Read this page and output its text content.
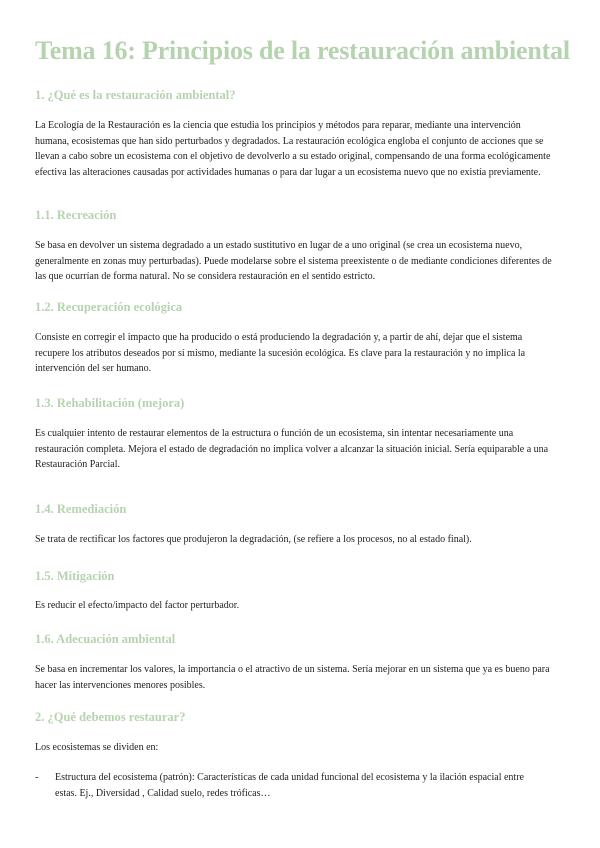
Tema 16: Principios de la restauración ambiental
1. ¿Qué es la restauración ambiental?
La Ecología de la Restauración es la ciencia que estudia los principios y métodos para reparar, mediante una intervención humana, ecosistemas que han sido perturbados y degradados. La restauración ecológica engloba el conjunto de acciones que se llevan a cabo sobre un ecosistema con el objetivo de devolverlo a su estado original, compensando de una forma ecológicamente efectiva las alteraciones causadas por actividades humanas o para dar lugar a un ecosistema nuevo que no existía previamente.
1.1. Recreación
Se basa en devolver un sistema degradado a un estado sustitutivo en lugar de a uno original (se crea un ecosistema nuevo, generalmente en zonas muy perturbadas). Puede modelarse sobre el sistema preexistente o de mediante condiciones diferentes de las que ocurrían de forma natural. No se considera restauración en el sentido estricto.
1.2. Recuperación ecológica
Consiste en corregir el impacto que ha producido o está produciendo la degradación y, a partir de ahí, dejar que el sistema recupere los atributos deseados por sí mismo, mediante la sucesión ecológica. Es clave para la restauración y no implica la intervención del ser humano.
1.3. Rehabilitación (mejora)
Es cualquier intento de restaurar elementos de la estructura o función de un ecosistema, sin intentar necesariamente una restauración completa. Mejora el estado de degradación no implica volver a alcanzar la situación inicial. Sería equiparable a una Restauración Parcial.
1.4. Remediación
Se trata de rectificar los factores que produjeron la degradación, (se refiere a los procesos, no al estado final).
1.5. Mitigación
Es reducir el efecto/impacto del factor perturbador.
1.6. Adecuación ambiental
Se basa en incrementar los valores, la importancia o el atractivo de un sistema. Sería mejorar en un sistema que ya es bueno para hacer las intervenciones menores posibles.
2. ¿Qué debemos restaurar?
Los ecosistemas se dividen en:
- Estructura del ecosistema (patrón): Características de cada unidad funcional del ecosistema y la ilación espacial entre estas. Ej., Diversidad , Calidad suelo, redes tróficas…
